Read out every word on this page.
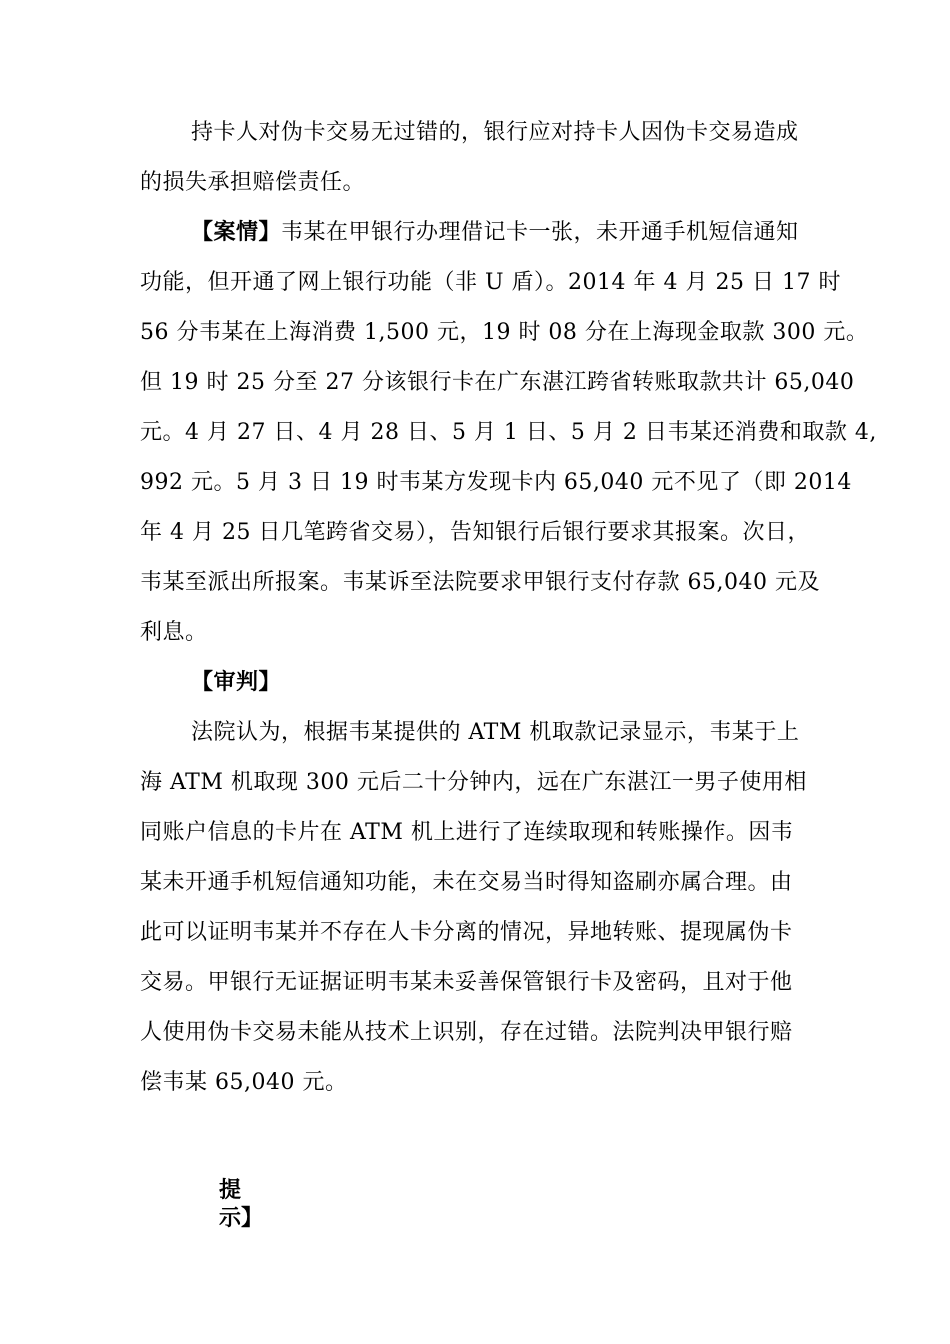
持卡人对伪卡交易无过错的，银行应对持卡人因伪卡交易造成
的损失承担赔偿责任。
【案情】韦某在甲银行办理借记卡一张，未开通手机短信通知
功能，但开通了网上银行功能（非 U 盾）。2014 年 4 月 25 日 17 时
56 分韦某在上海消费 1,500 元，19 时 08 分在上海现金取款 300 元。
但 19 时 25 分至 27 分该银行卡在广东湛江跨省转账取款共计 65,040
元。4 月 27 日、4 月 28 日、5 月 1 日、5 月 2 日韦某还消费和取款 4,
992 元。5 月 3 日 19 时韦某方发现卡内 65,040 元不见了（即 2014
年 4 月 25 日几笔跨省交易），告知银行后银行要求其报案。次日，
韦某至派出所报案。韦某诉至法院要求甲银行支付存款 65,040 元及
利息。
【审判】
法院认为，根据韦某提供的 ATM 机取款记录显示，韦某于上
海 ATM 机取现 300 元后二十分钟内，远在广东湛江一男子使用相
同账户信息的卡片在 ATM 机上进行了连续取现和转账操作。因韦
某未开通手机短信通知功能，未在交易当时得知盗刷亦属合理。由
此可以证明韦某并不存在人卡分离的情况，异地转账、提现属伪卡
交易。甲银行无证据证明韦某未妥善保管银行卡及密码，且对于他
人使用伪卡交易未能从技术上识别，存在过错。法院判决甲银行赔
偿韦某 65,040 元。
提
示】
